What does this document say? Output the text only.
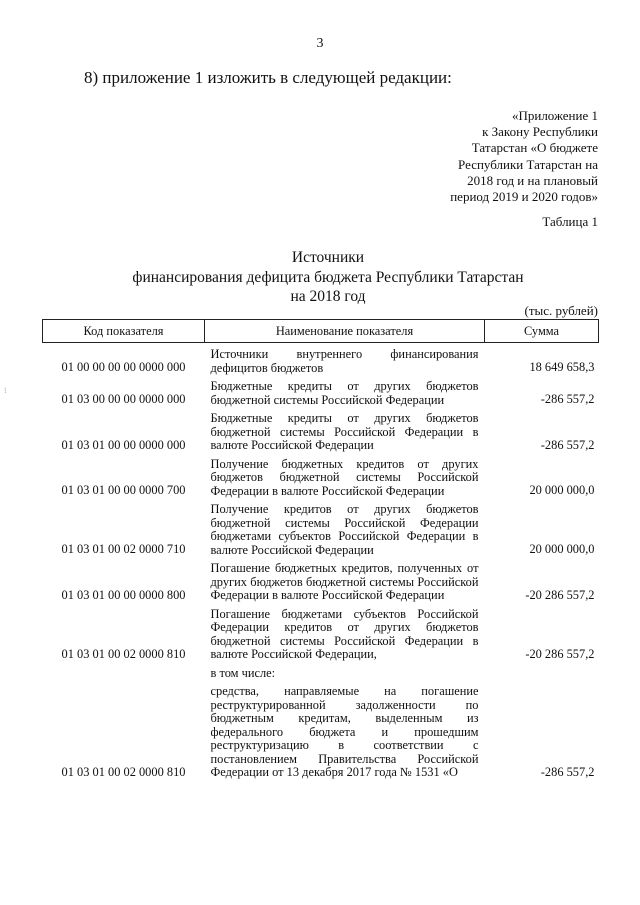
3
8) приложение 1 изложить в следующей редакции:
«Приложение 1
к Закону Республики
Татарстан «О бюджете
Республики Татарстан на
2018 год и на плановый
период 2019 и 2020 годов»
Таблица 1
Источники
финансирования дефицита бюджета Республики Татарстан
на 2018 год
(тыс. рублей)
Код показателя	Наименование показателя	Сумма

01 00 00 00 00 0000 000	Источники внутреннего финансирования дефицитов бюджетов	18 649 658,3

01 03 00 00 00 0000 000	Бюджетные кредиты от других бюджетов бюджетной системы Российской Федерации	-286 557,2

01 03 01 00 00 0000 000	Бюджетные кредиты от других бюджетов бюджетной системы Российской Федерации в валюте Российской Федерации	-286 557,2

01 03 01 00 00 0000 700	Получение бюджетных кредитов от других бюджетов бюджетной системы Российской Федерации в валюте Российской Федерации	20 000 000,0

01 03 01 00 02 0000 710	Получение кредитов от других бюджетов бюджетной системы Российской Федерации бюджетами субъектов Российской Федерации в валюте Российской Федерации	20 000 000,0

01 03 01 00 00 0000 800	Погашение бюджетных кредитов, полученных от других бюджетов бюджетной системы Российской Федерации в валюте Российской Федерации	-20 286 557,2

01 03 01 00 02 0000 810	Погашение бюджетами субъектов Российской Федерации кредитов от других бюджетов бюджетной системы Российской Федерации в валюте Российской Федерации,	-20 286 557,2

	в том числе:	

01 03 01 00 02 0000 810	средства, направляемые на погашение реструктурированной задолженности по бюджетным кредитам, выделенным из федерального бюджета и прошедшим реструктуризацию в соответствии с постановлением Правительства Российской Федерации от 13 декабря 2017 года № 1531 «О	-286 557,2
⁝
